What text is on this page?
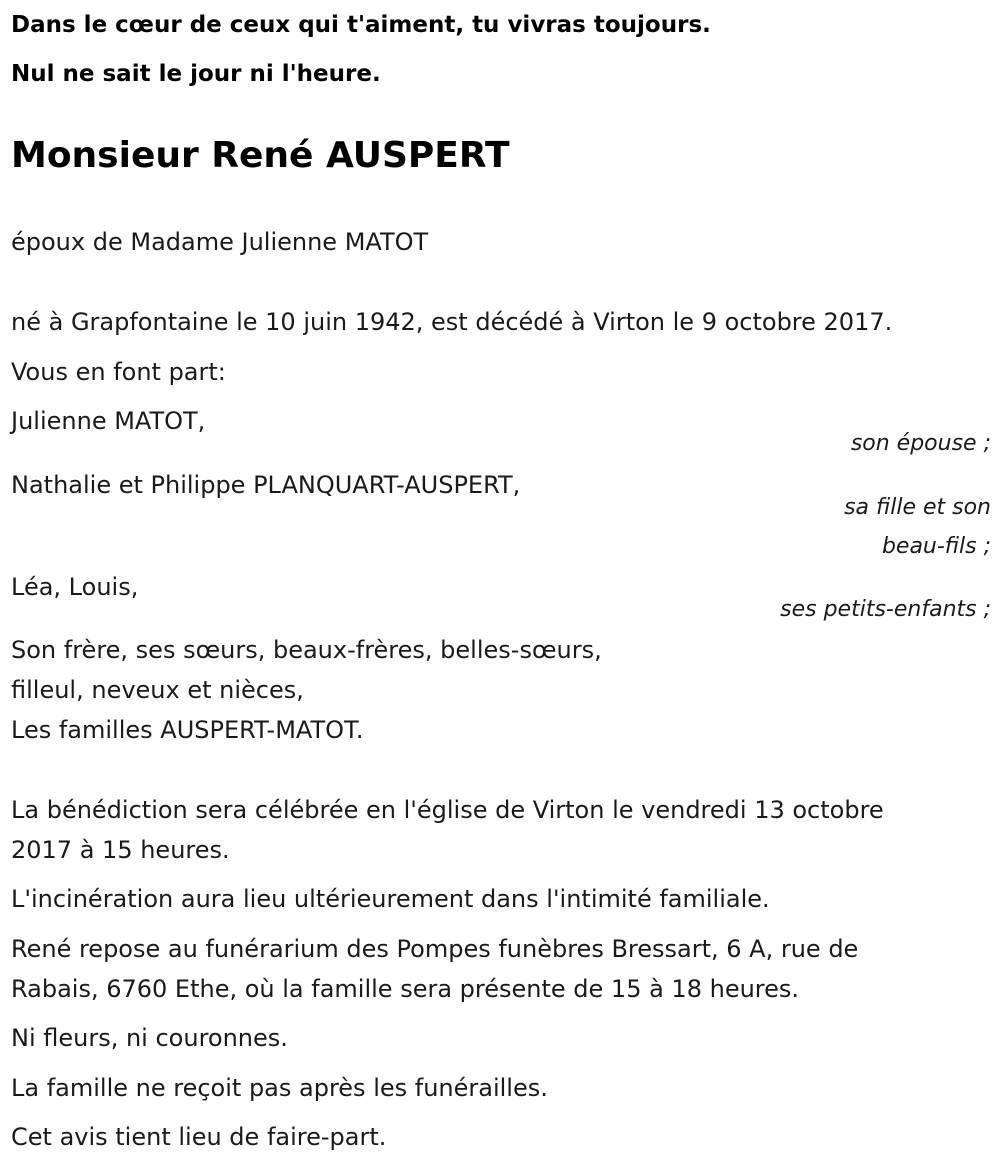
Dans le cœur de ceux qui t'aiment, tu vivras toujours.
Nul ne sait le jour ni l'heure.
Monsieur René AUSPERT
époux de Madame Julienne MATOT
né à Grapfontaine le 10 juin 1942, est décédé à Virton le 9 octobre 2017.
Vous en font part:
Julienne MATOT,
son épouse ;
Nathalie et Philippe PLANQUART-AUSPERT,
sa fille et son
beau-fils ;
Léa, Louis,
ses petits-enfants ;
Son frère, ses sœurs, beaux-frères, belles-sœurs,
filleul, neveux et nièces,
Les familles AUSPERT-MATOT.
La bénédiction sera célébrée en l'église de Virton le vendredi 13 octobre
2017 à 15 heures.
L'incinération aura lieu ultérieurement dans l'intimité familiale.
René repose au funérarium des Pompes funèbres Bressart, 6 A, rue de
Rabais, 6760 Ethe, où la famille sera présente de 15 à 18 heures.
Ni fleurs, ni couronnes.
La famille ne reçoit pas après les funérailles.
Cet avis tient lieu de faire-part.
